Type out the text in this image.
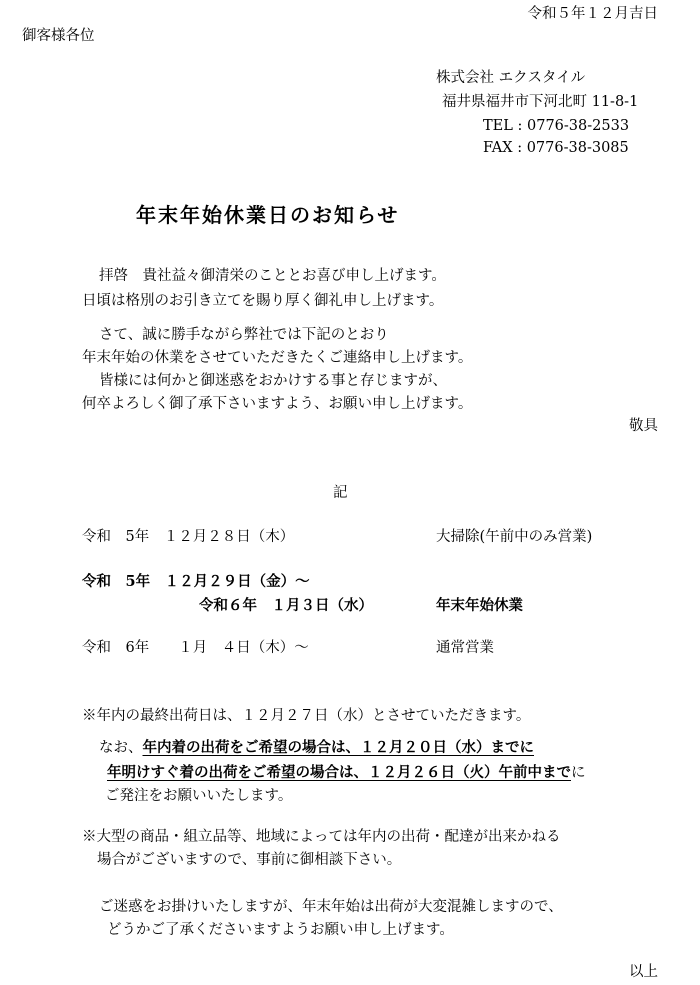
令和５年１２月吉日
御客様各位
株式会社 エクスタイル
福井県福井市下河北町 11-8-1
TEL : 0776-38-2533
FAX : 0776-38-3085
年末年始休業日のお知らせ
拝啓　貴社益々御清栄のこととお喜び申し上げます。
日頃は格別のお引き立てを賜り厚く御礼申し上げます。
さて、誠に勝手ながら弊社では下記のとおり
年末年始の休業をさせていただきたくご連絡申し上げます。
皆様には何かと御迷惑をおかけする事と存じますが、
何卒よろしく御了承下さいますよう、お願い申し上げます。
敬具
記
令和　5年　１２月２８日（木）	大掃除(午前中のみ営業)
令和　5年　１２月２９日（金）～
令和６年　１月３日（水）	年末年始休業
令和　6年　　１月　４日（木）～	通常営業
※年内の最終出荷日は、１２月２７日（水）とさせていただきます。
なお、年内着の出荷をご希望の場合は、１２月２０日（水）までに
年明けすぐ着の出荷をご希望の場合は、１２月２６日（火）午前中までに
ご発注をお願いいたします。
※大型の商品・組立品等、地域によっては年内の出荷・配達が出来かねる
場合がございますので、事前に御相談下さい。
ご迷惑をお掛けいたしますが、年末年始は出荷が大変混雑しますので、
どうかご了承くださいますようお願い申し上げます。
以上
